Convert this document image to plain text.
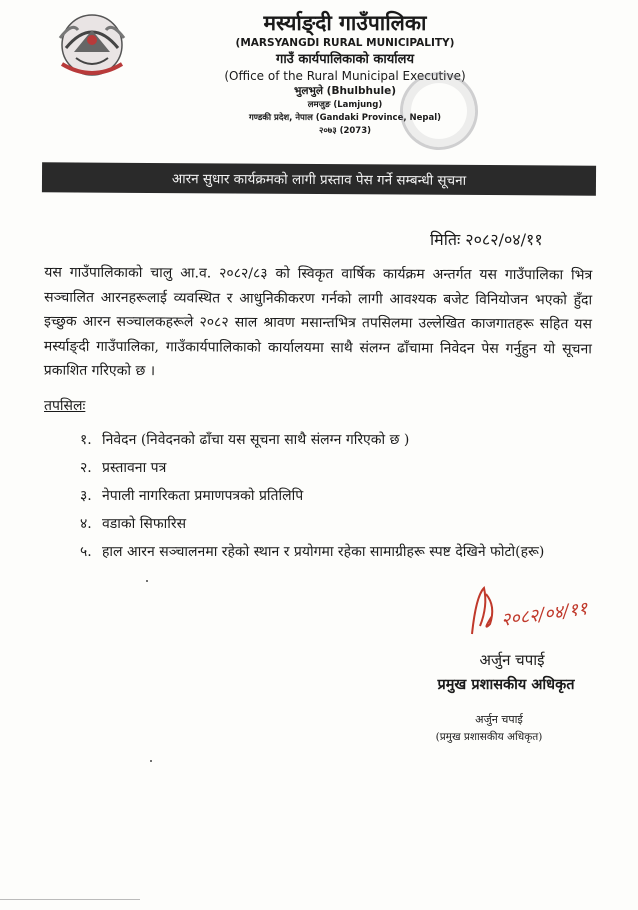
मर्स्याङ्दी गाउँपालिका

(MARSYANGDI RURAL MUNICIPALITY)

गाउँ कार्यपालिकाको कार्यालय

(Office of the Rural Municipal Executive)

भुलभुले (Bhulbhule)

लमजुङ (Lamjung)

गण्डकी प्रदेश, नेपाल (Gandaki Province, Nepal)

२०७३ (2073)

आरन सुधार कार्यक्रमको लागी प्रस्ताव पेस गर्ने सम्बन्धी सूचना
मितिः २०८२/०४/११

यस गाउँपालिकाको चालु आ.व. २०८२/८३ को स्विकृत वार्षिक कार्यक्रम अन्तर्गत यस गाउँपालिका भित्र सञ्चालित आरनहरूलाई व्यवस्थित र आधुनिकीकरण गर्नको लागी आवश्यक बजेट विनियोजन भएको हुँदा इच्छुक आरन सञ्चालकहरूले २०८२ साल श्रावण मसान्तभित्र तपसिलमा उल्लेखित काजगातहरू सहित यस मर्स्याङ्दी गाउँपालिका, गाउँकार्यपालिकाको कार्यालयमा साथै संलग्न ढाँचामा निवेदन पेस गर्नुहुन यो सूचना प्रकाशित गरिएको छ ।

तपसिलः
१. निवेदन (निवेदनको ढाँचा यस सूचना साथै संलग्न गरिएको छ )
२. प्रस्तावना पत्र
३. नेपाली नागरिकता प्रमाणपत्रको प्रतिलिपि
४. वडाको सिफारिस
५. हाल आरन सञ्चालनमा रहेको स्थान र प्रयोगमा रहेका सामाग्रीहरू स्पष्ट देखिने फोटो(हरू)
२०८२/०४/११
अर्जुन चपाई
प्रमुख प्रशासकीय अधिकृत
अर्जुन चपाई
(प्रमुख प्रशासकीय अधिकृत)
